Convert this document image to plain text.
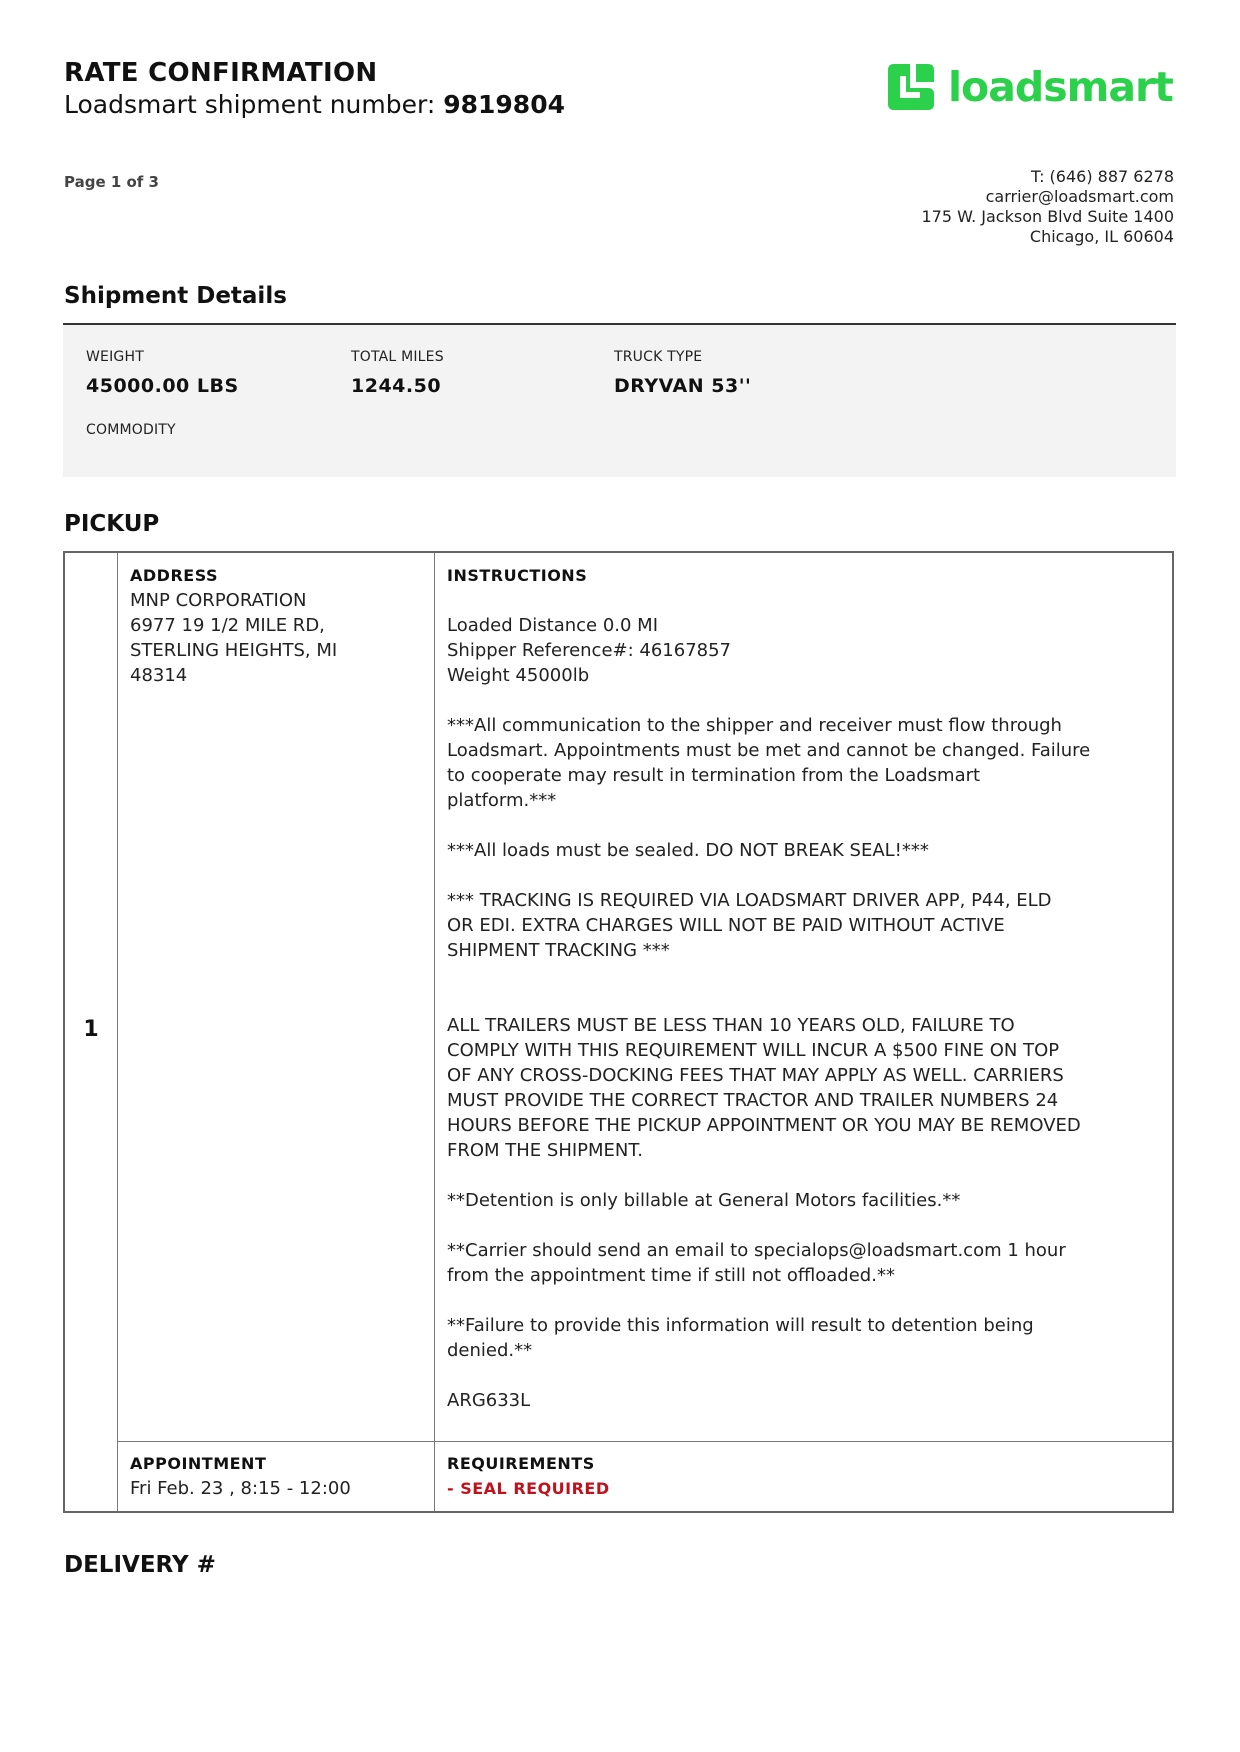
RATE CONFIRMATION
Loadsmart shipment number: 9819804	loadsmart
Page 1 of 3	T: (646) 887 6278
carrier@loadsmart.com
175 W. Jackson Blvd Suite 1400
Chicago, IL 60604
Shipment Details
WEIGHT
45000.00 LBS
TOTAL MILES
1244.50
TRUCK TYPE
DRYVAN 53''
COMMODITY
PICKUP
1
ADDRESS
MNP CORPORATION
6977 19 1/2 MILE RD,
STERLING HEIGHTS, MI
48314
INSTRUCTIONS

Loaded Distance 0.0 MI
Shipper Reference#: 46167857
Weight 45000lb

***All communication to the shipper and receiver must flow through
Loadsmart. Appointments must be met and cannot be changed. Failure
to cooperate may result in termination from the Loadsmart
platform.***

***All loads must be sealed. DO NOT BREAK SEAL!***

*** TRACKING IS REQUIRED VIA LOADSMART DRIVER APP, P44, ELD
OR EDI. EXTRA CHARGES WILL NOT BE PAID WITHOUT ACTIVE
SHIPMENT TRACKING ***

ALL TRAILERS MUST BE LESS THAN 10 YEARS OLD, FAILURE TO
COMPLY WITH THIS REQUIREMENT WILL INCUR A $500 FINE ON TOP
OF ANY CROSS-DOCKING FEES THAT MAY APPLY AS WELL. CARRIERS
MUST PROVIDE THE CORRECT TRACTOR AND TRAILER NUMBERS 24
HOURS BEFORE THE PICKUP APPOINTMENT OR YOU MAY BE REMOVED
FROM THE SHIPMENT.

**Detention is only billable at General Motors facilities.**

**Carrier should send an email to specialops@loadsmart.com 1 hour
from the appointment time if still not offloaded.**

**Failure to provide this information will result to detention being
denied.**

ARG633L

APPOINTMENT
Fri Feb. 23 , 8:15 - 12:00
REQUIREMENTS
- SEAL REQUIRED
DELIVERY #
